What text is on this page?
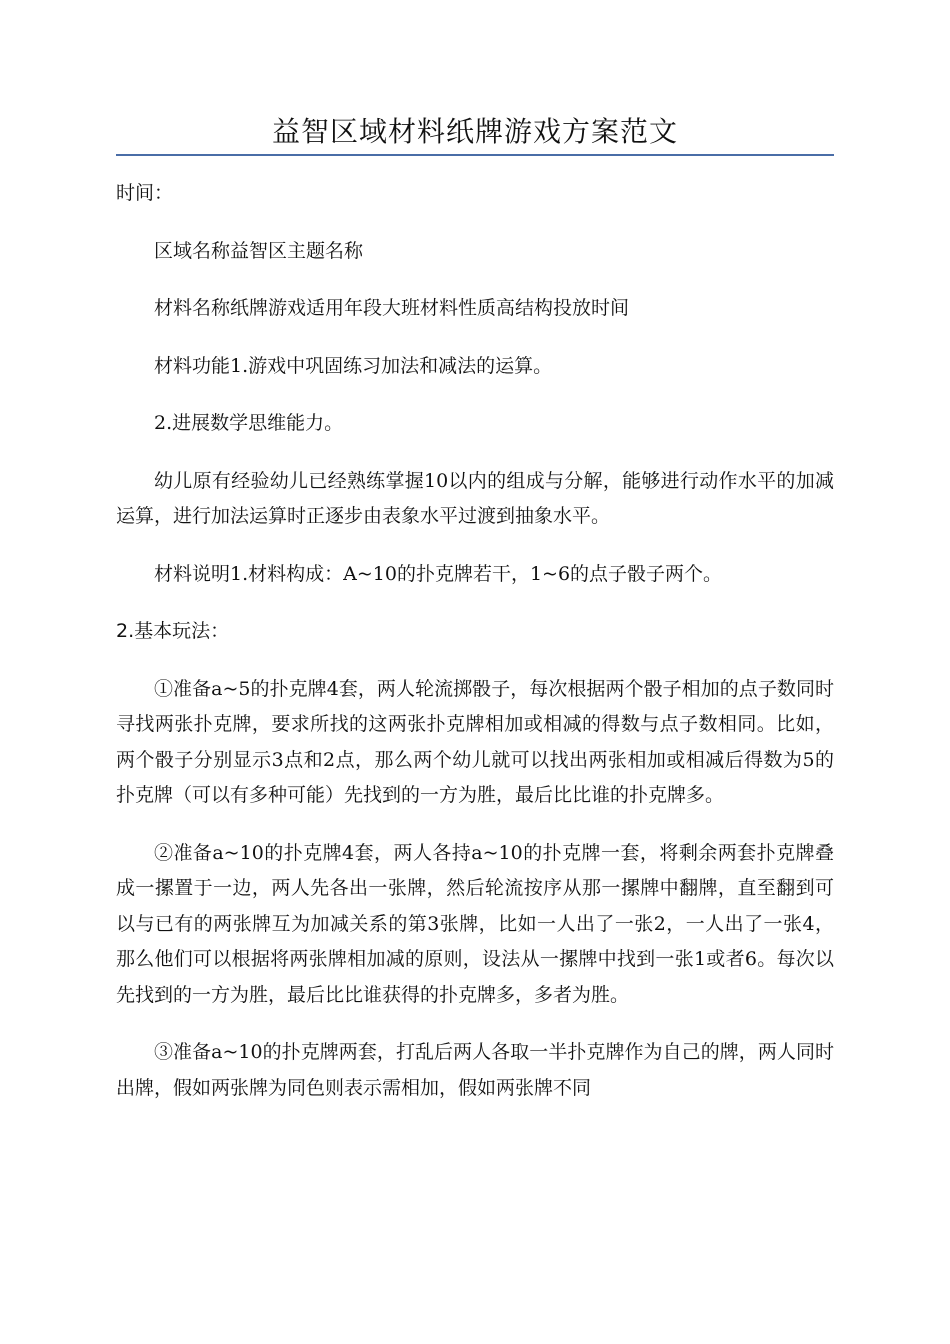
益智区域材料纸牌游戏方案范文

时间：

区域名称益智区主题名称

材料名称纸牌游戏适用年段大班材料性质高结构投放时间

材料功能1.游戏中巩固练习加法和减法的运算。

2.进展数学思维能力。

幼儿原有经验幼儿已经熟练掌握10以内的组成与分解，能够进行动作水平的加减运算，进行加法运算时正逐步由表象水平过渡到抽象水平。

材料说明1.材料构成：A~10的扑克牌若干，1~6的点子骰子两个。

2.基本玩法：

①准备a~5的扑克牌4套，两人轮流掷骰子，每次根据两个骰子相加的点子数同时寻找两张扑克牌，要求所找的这两张扑克牌相加或相减的得数与点子数相同。比如，两个骰子分别显示3点和2点，那么两个幼儿就可以找出两张相加或相减后得数为5的扑克牌（可以有多种可能）先找到的一方为胜，最后比比谁的扑克牌多。

②准备a~10的扑克牌4套，两人各持a~10的扑克牌一套，将剩余两套扑克牌叠成一摞置于一边，两人先各出一张牌，然后轮流按序从那一摞牌中翻牌，直至翻到可以与已有的两张牌互为加减关系的第3张牌，比如一人出了一张2，一人出了一张4，那么他们可以根据将两张牌相加减的原则，设法从一摞牌中找到一张1或者6。每次以先找到的一方为胜，最后比比谁获得的扑克牌多，多者为胜。

③准备a~10的扑克牌两套，打乱后两人各取一半扑克牌作为自己的牌，两人同时出牌，假如两张牌为同色则表示需相加，假如两张牌不同
